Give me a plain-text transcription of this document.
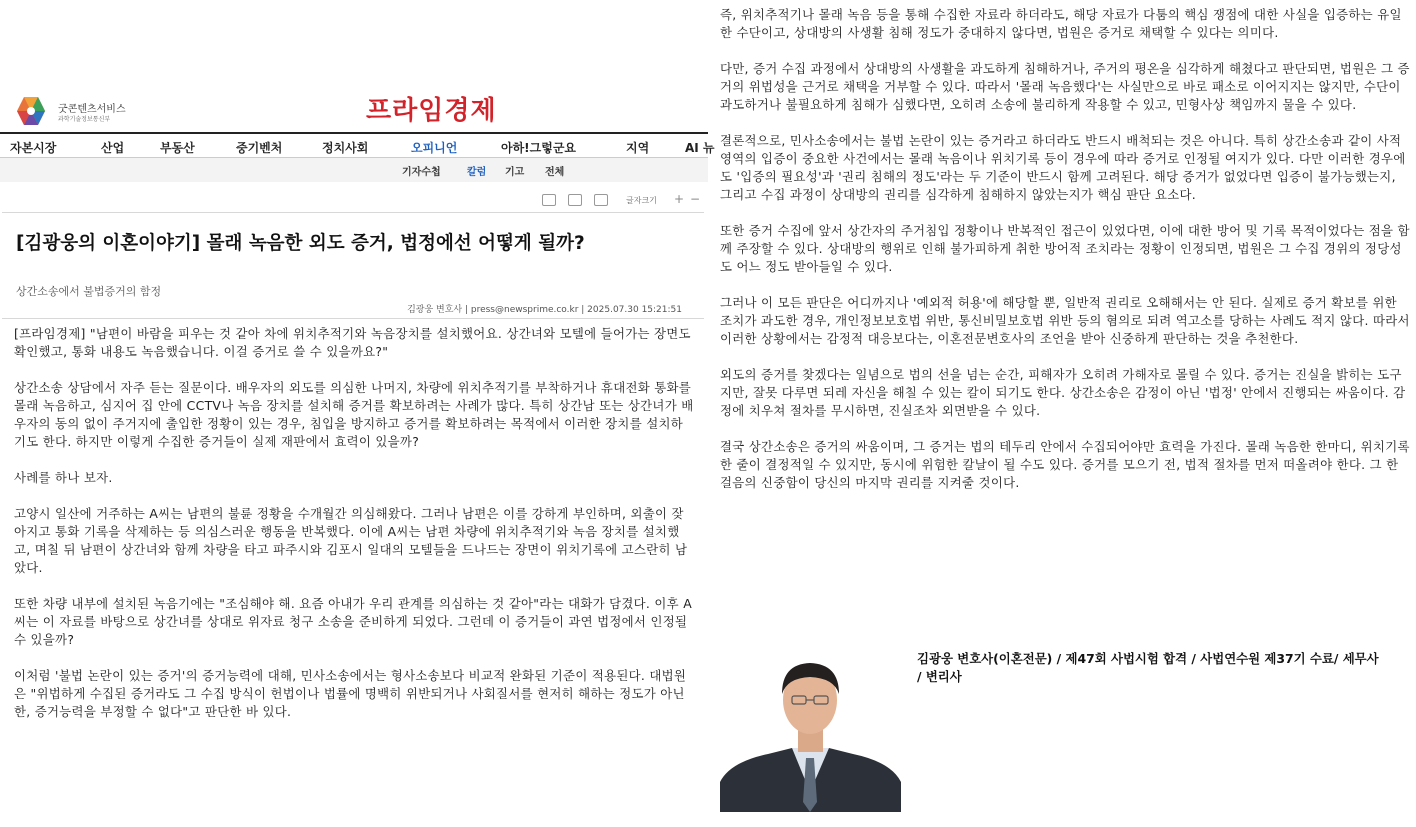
굿콘텐츠서비스
과학기술정보통신부	프라임경제
자본시장	산업	부동산	중기벤처	정치사회	오피니언	아하!그렇군요	지역	AI 뉴
기자수첩	칼럼 기고 전체
글자크기 + −
[김광웅의 이혼이야기] 몰래 녹음한 외도 증거, 법정에선 어떻게 될까?
상간소송에서 불법증거의 함정
김광웅 변호사 | press@newsprime.co.kr | 2025.07.30 15:21:51

[프라임경제] "남편이 바람을 피우는 것 같아 차에 위치추적기와 녹음장치를 설치했어요. 상간녀와 모텔에 들어가는 장면도 확인했고, 통화 내용도 녹음했습니다. 이걸 증거로 쓸 수 있을까요?"

상간소송 상담에서 자주 듣는 질문이다. 배우자의 외도를 의심한 나머지, 차량에 위치추적기를 부착하거나 휴대전화 통화를 몰래 녹음하고, 심지어 집 안에 CCTV나 녹음 장치를 설치해 증거를 확보하려는 사례가 많다. 특히 상간남 또는 상간녀가 배우자의 동의 없이 주거지에 출입한 정황이 있는 경우, 침입을 방지하고 증거를 확보하려는 목적에서 이러한 장치를 설치하기도 한다. 하지만 이렇게 수집한 증거들이 실제 재판에서 효력이 있을까?

사례를 하나 보자.

고양시 일산에 거주하는 A씨는 남편의 불륜 정황을 수개월간 의심해왔다. 그러나 남편은 이를 강하게 부인하며, 외출이 잦아지고 통화 기록을 삭제하는 등 의심스러운 행동을 반복했다. 이에 A씨는 남편 차량에 위치추적기와 녹음 장치를 설치했고, 며칠 뒤 남편이 상간녀와 함께 차량을 타고 파주시와 김포시 일대의 모텔들을 드나드는 장면이 위치기록에 고스란히 남았다.

또한 차량 내부에 설치된 녹음기에는 "조심해야 해. 요즘 아내가 우리 관계를 의심하는 것 같아"라는 대화가 담겼다. 이후 A씨는 이 자료를 바탕으로 상간녀를 상대로 위자료 청구 소송을 준비하게 되었다. 그런데 이 증거들이 과연 법정에서 인정될 수 있을까?

이처럼 '불법 논란이 있는 증거'의 증거능력에 대해, 민사소송에서는 형사소송보다 비교적 완화된 기준이 적용된다. 대법원은 "위법하게 수집된 증거라도 그 수집 방식이 헌법이나 법률에 명백히 위반되거나 사회질서를 현저히 해하는 정도가 아닌 한, 증거능력을 부정할 수 없다"고 판단한 바 있다.

즉, 위치추적기나 몰래 녹음 등을 통해 수집한 자료라 하더라도, 해당 자료가 다툼의 핵심 쟁점에 대한 사실을 입증하는 유일한 수단이고, 상대방의 사생활 침해 정도가 중대하지 않다면, 법원은 증거로 채택할 수 있다는 의미다.

다만, 증거 수집 과정에서 상대방의 사생활을 과도하게 침해하거나, 주거의 평온을 심각하게 해쳤다고 판단되면, 법원은 그 증거의 위법성을 근거로 채택을 거부할 수 있다. 따라서 '몰래 녹음했다'는 사실만으로 바로 패소로 이어지지는 않지만, 수단이 과도하거나 불필요하게 침해가 심했다면, 오히려 소송에 불리하게 작용할 수 있고, 민형사상 책임까지 물을 수 있다.

결론적으로, 민사소송에서는 불법 논란이 있는 증거라고 하더라도 반드시 배척되는 것은 아니다. 특히 상간소송과 같이 사적 영역의 입증이 중요한 사건에서는 몰래 녹음이나 위치기록 등이 경우에 따라 증거로 인정될 여지가 있다. 다만 이러한 경우에도 '입증의 필요성'과 '권리 침해의 정도'라는 두 기준이 반드시 함께 고려된다. 해당 증거가 없었다면 입증이 불가능했는지, 그리고 수집 과정이 상대방의 권리를 심각하게 침해하지 않았는지가 핵심 판단 요소다.

또한 증거 수집에 앞서 상간자의 주거침입 정황이나 반복적인 접근이 있었다면, 이에 대한 방어 및 기록 목적이었다는 점을 함께 주장할 수 있다. 상대방의 행위로 인해 불가피하게 취한 방어적 조치라는 정황이 인정되면, 법원은 그 수집 경위의 정당성도 어느 정도 받아들일 수 있다.

그러나 이 모든 판단은 어디까지나 '예외적 허용'에 해당할 뿐, 일반적 권리로 오해해서는 안 된다. 실제로 증거 확보를 위한 조치가 과도한 경우, 개인정보보호법 위반, 통신비밀보호법 위반 등의 혐의로 되려 역고소를 당하는 사례도 적지 않다. 따라서 이러한 상황에서는 감정적 대응보다는, 이혼전문변호사의 조언을 받아 신중하게 판단하는 것을 추천한다.

외도의 증거를 찾겠다는 일념으로 법의 선을 넘는 순간, 피해자가 오히려 가해자로 몰릴 수 있다. 증거는 진실을 밝히는 도구지만, 잘못 다루면 되레 자신을 해칠 수 있는 칼이 되기도 한다. 상간소송은 감정이 아닌 '법정' 안에서 진행되는 싸움이다. 감정에 치우쳐 절차를 무시하면, 진실조차 외면받을 수 있다.

결국 상간소송은 증거의 싸움이며, 그 증거는 법의 테두리 안에서 수집되어야만 효력을 가진다. 몰래 녹음한 한마디, 위치기록 한 줄이 결정적일 수 있지만, 동시에 위험한 칼날이 될 수도 있다. 증거를 모으기 전, 법적 절차를 먼저 떠올려야 한다. 그 한 걸음의 신중함이 당신의 마지막 권리를 지켜줄 것이다.

김광웅 변호사(이혼전문) / 제47회 사법시험 합격 / 사법연수원 제37기 수료/ 세무사 / 변리사
